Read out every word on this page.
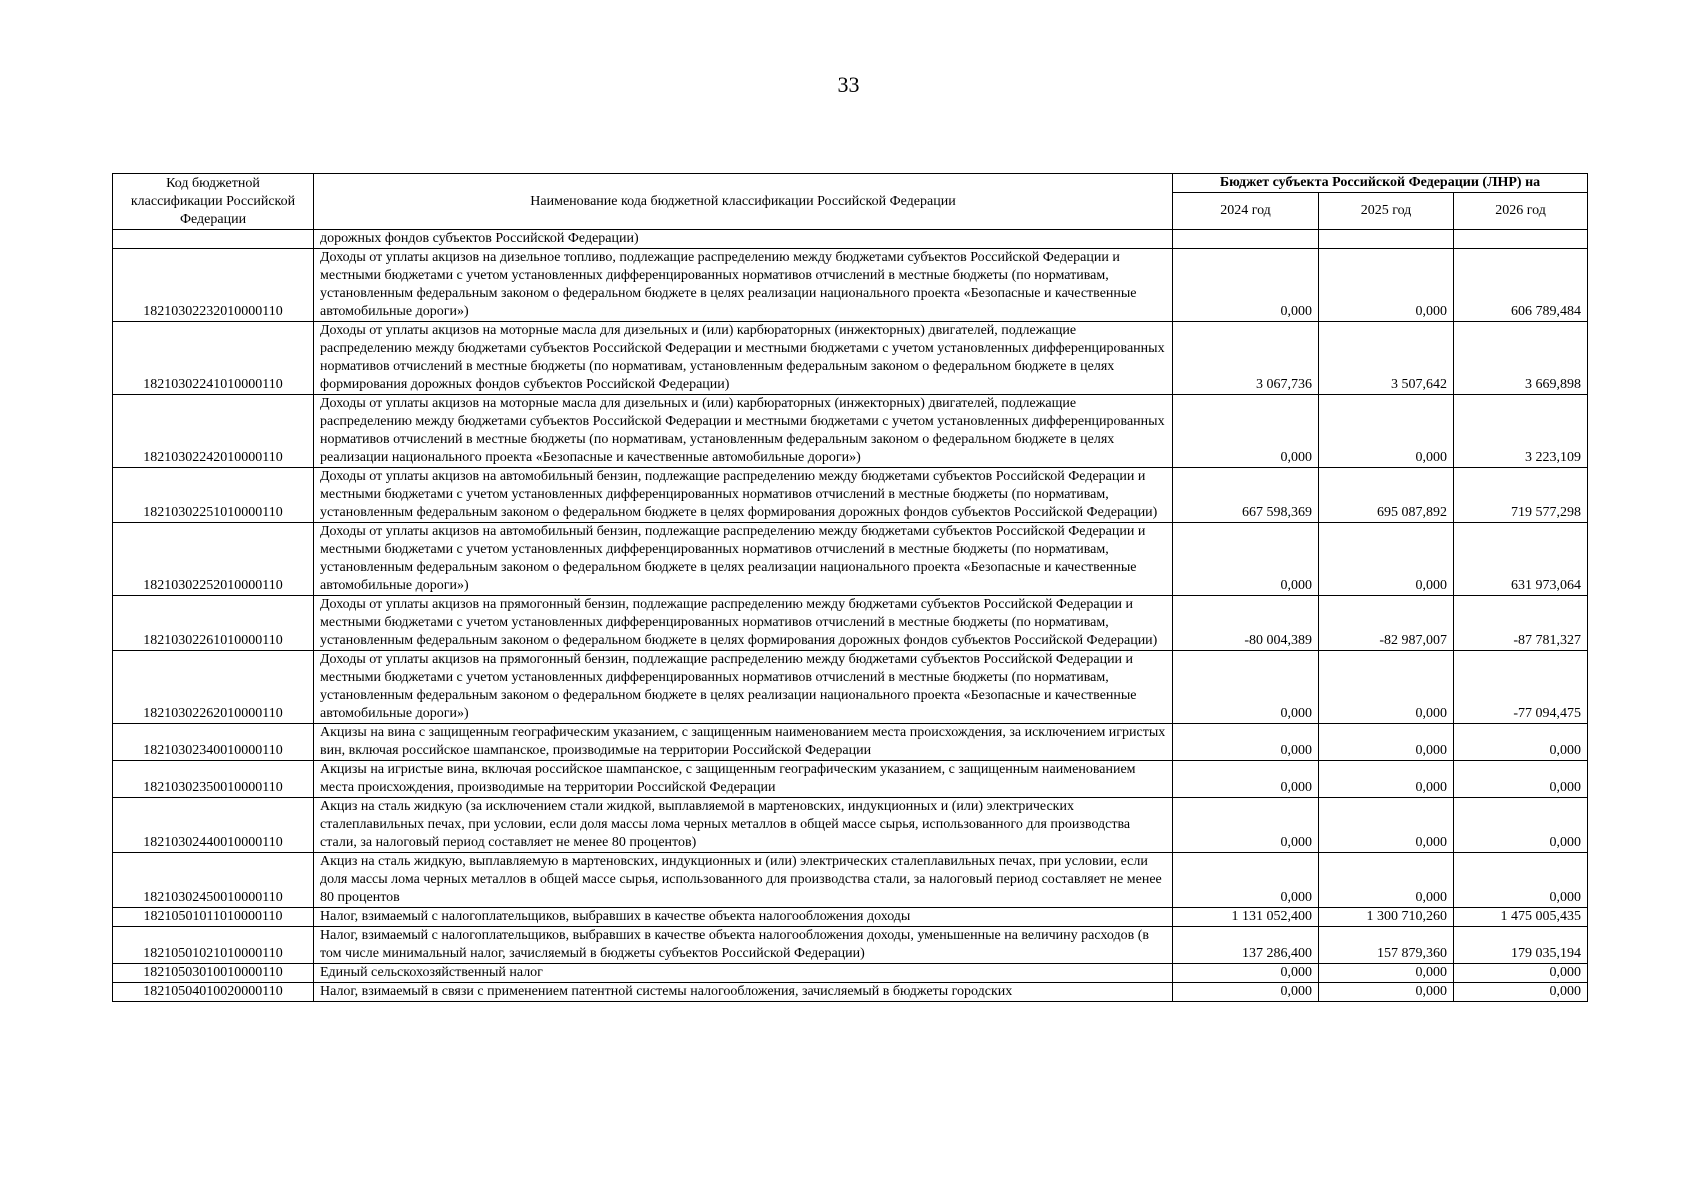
33
Код бюджетной классификации Российской Федерации	Наименование кода бюджетной классификации Российской Федерации	Бюджет субъекта Российской Федерации (ЛНР) на		
		2024 год	2025 год	2026 год
	дорожных фондов субъектов Российской Федерации)			
18210302232010000110	Доходы от уплаты акцизов на дизельное топливо, подлежащие распределению между бюджетами субъектов Российской Федерации и местными бюджетами с учетом установленных дифференцированных нормативов отчислений в местные бюджеты (по нормативам, установленным федеральным законом о федеральном бюджете в целях реализации национального проекта «Безопасные и качественные автомобильные дороги»)	0,000	0,000	606 789,484
18210302241010000110	Доходы от уплаты акцизов на моторные масла для дизельных и (или) карбюраторных (инжекторных) двигателей, подлежащие распределению между бюджетами субъектов Российской Федерации и местными бюджетами с учетом установленных дифференцированных нормативов отчислений в местные бюджеты (по нормативам, установленным федеральным законом о федеральном бюджете в целях формирования дорожных фондов субъектов Российской Федерации)	3 067,736	3 507,642	3 669,898
18210302242010000110	Доходы от уплаты акцизов на моторные масла для дизельных и (или) карбюраторных (инжекторных) двигателей, подлежащие распределению между бюджетами субъектов Российской Федерации и местными бюджетами с учетом установленных дифференцированных нормативов отчислений в местные бюджеты (по нормативам, установленным федеральным законом о федеральном бюджете в целях реализации национального проекта «Безопасные и качественные автомобильные дороги»)	0,000	0,000	3 223,109
18210302251010000110	Доходы от уплаты акцизов на автомобильный бензин, подлежащие распределению между бюджетами субъектов Российской Федерации и местными бюджетами с учетом установленных дифференцированных нормативов отчислений в местные бюджеты (по нормативам, установленным федеральным законом о федеральном бюджете в целях формирования дорожных фондов субъектов Российской Федерации)	667 598,369	695 087,892	719 577,298
18210302252010000110	Доходы от уплаты акцизов на автомобильный бензин, подлежащие распределению между бюджетами субъектов Российской Федерации и местными бюджетами с учетом установленных дифференцированных нормативов отчислений в местные бюджеты (по нормативам, установленным федеральным законом о федеральном бюджете в целях реализации национального проекта «Безопасные и качественные автомобильные дороги»)	0,000	0,000	631 973,064
18210302261010000110	Доходы от уплаты акцизов на прямогонный бензин, подлежащие распределению между бюджетами субъектов Российской Федерации и местными бюджетами с учетом установленных дифференцированных нормативов отчислений в местные бюджеты (по нормативам, установленным федеральным законом о федеральном бюджете в целях формирования дорожных фондов субъектов Российской Федерации)	-80 004,389	-82 987,007	-87 781,327
18210302262010000110	Доходы от уплаты акцизов на прямогонный бензин, подлежащие распределению между бюджетами субъектов Российской Федерации и местными бюджетами с учетом установленных дифференцированных нормативов отчислений в местные бюджеты (по нормативам, установленным федеральным законом о федеральном бюджете в целях реализации национального проекта «Безопасные и качественные автомобильные дороги»)	0,000	0,000	-77 094,475
18210302340010000110	Акцизы на вина с защищенным географическим указанием, с защищенным наименованием места происхождения, за исключением игристых вин, включая российское шампанское, производимые на территории Российской Федерации	0,000	0,000	0,000
18210302350010000110	Акцизы на игристые вина, включая российское шампанское, с защищенным географическим указанием, с защищенным наименованием места происхождения, производимые на территории Российской Федерации	0,000	0,000	0,000
18210302440010000110	Акциз на сталь жидкую (за исключением стали жидкой, выплавляемой в мартеновских, индукционных и (или) электрических сталеплавильных печах, при условии, если доля массы лома черных металлов в общей массе сырья, использованного для производства стали, за налоговый период составляет не менее 80 процентов)	0,000	0,000	0,000
18210302450010000110	Акциз на сталь жидкую, выплавляемую в мартеновских, индукционных и (или) электрических сталеплавильных печах, при условии, если доля массы лома черных металлов в общей массе сырья, использованного для производства стали, за налоговый период составляет не менее 80 процентов	0,000	0,000	0,000
18210501011010000110	Налог, взимаемый с налогоплательщиков, выбравших в качестве объекта налогообложения доходы	1 131 052,400	1 300 710,260	1 475 005,435
18210501021010000110	Налог, взимаемый с налогоплательщиков, выбравших в качестве объекта налогообложения доходы, уменьшенные на величину расходов (в том числе минимальный налог, зачисляемый в бюджеты субъектов Российской Федерации)	137 286,400	157 879,360	179 035,194
18210503010010000110	Единый сельскохозяйственный налог	0,000	0,000	0,000
18210504010020000110	Налог, взимаемый в связи с применением патентной системы налогообложения, зачисляемый в бюджеты городских	0,000	0,000	0,000
